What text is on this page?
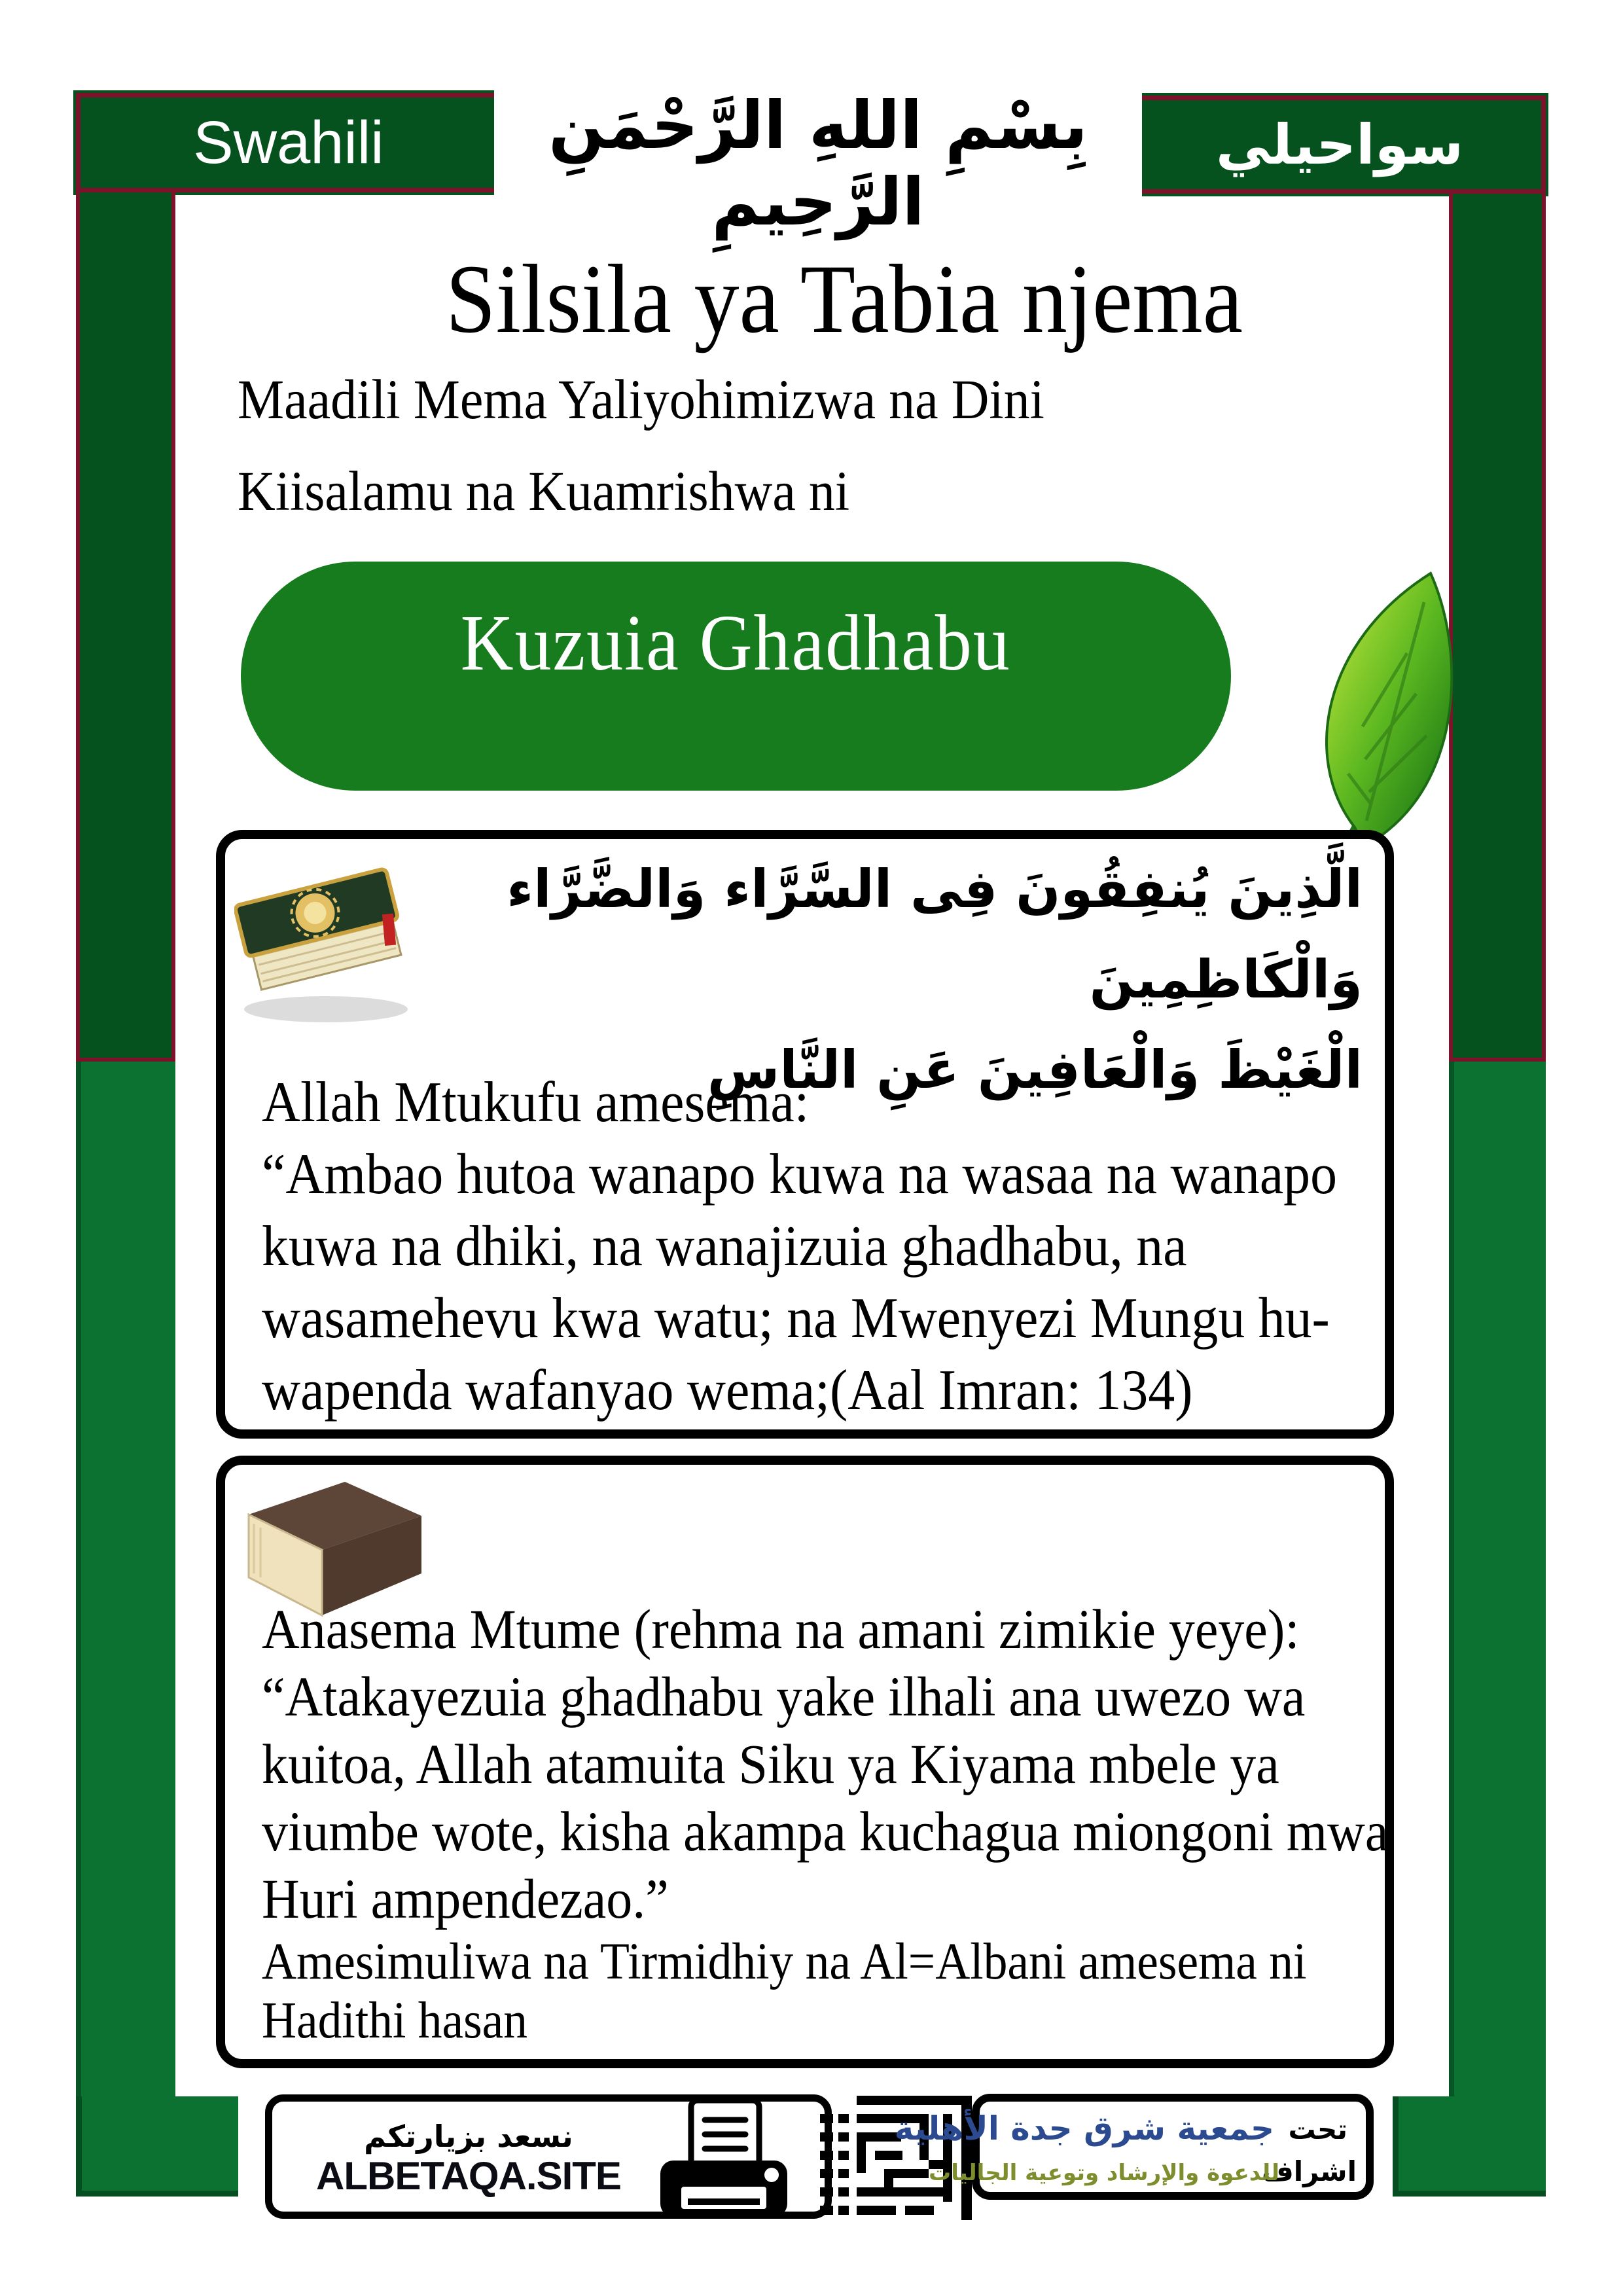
Swahili	سواحيلي
بِسْمِ اللهِ الرَّحْمَنِ الرَّحِيمِ
Silsila ya Tabia njema
Maadili Mema Yaliyohimizwa na Dini
Kiisalamu na Kuamrishwa ni
Kuzuia Ghadhabu
الَّذِينَ يُنفِقُونَ فِى السَّرَّاء وَالضَّرَّاء وَالْكَاظِمِينَ
الْغَيْظَ وَالْعَافِينَ عَنِ النَّاسِ
Allah Mtukufu amesema:
“Ambao hutoa wanapo kuwa na wasaa na wanapo
kuwa na dhiki, na wanajizuia ghadhabu, na
wasamehevu kwa watu; na Mwenyezi Mungu hu-
wapenda wafanyao wema;(Aal Imran: 134)
Anasema Mtume (rehma na amani zimikie yeye):
“Atakayezuia ghadhabu yake ilhali ana uwezo wa
kuitoa, Allah atamuita Siku ya Kiyama mbele ya
viumbe wote, kisha akampa kuchagua miongoni mwa
Huri ampendezao.”
Amesimuliwa na Tirmidhiy na Al=Albani amesema ni
Hadithi hasan
نسعد بزيارتكم
ALBETAQA.SITE
تحت
اشراف
جمعية شرق جدة الأهلية
للدعوة والإرشاد وتوعية الجاليات
